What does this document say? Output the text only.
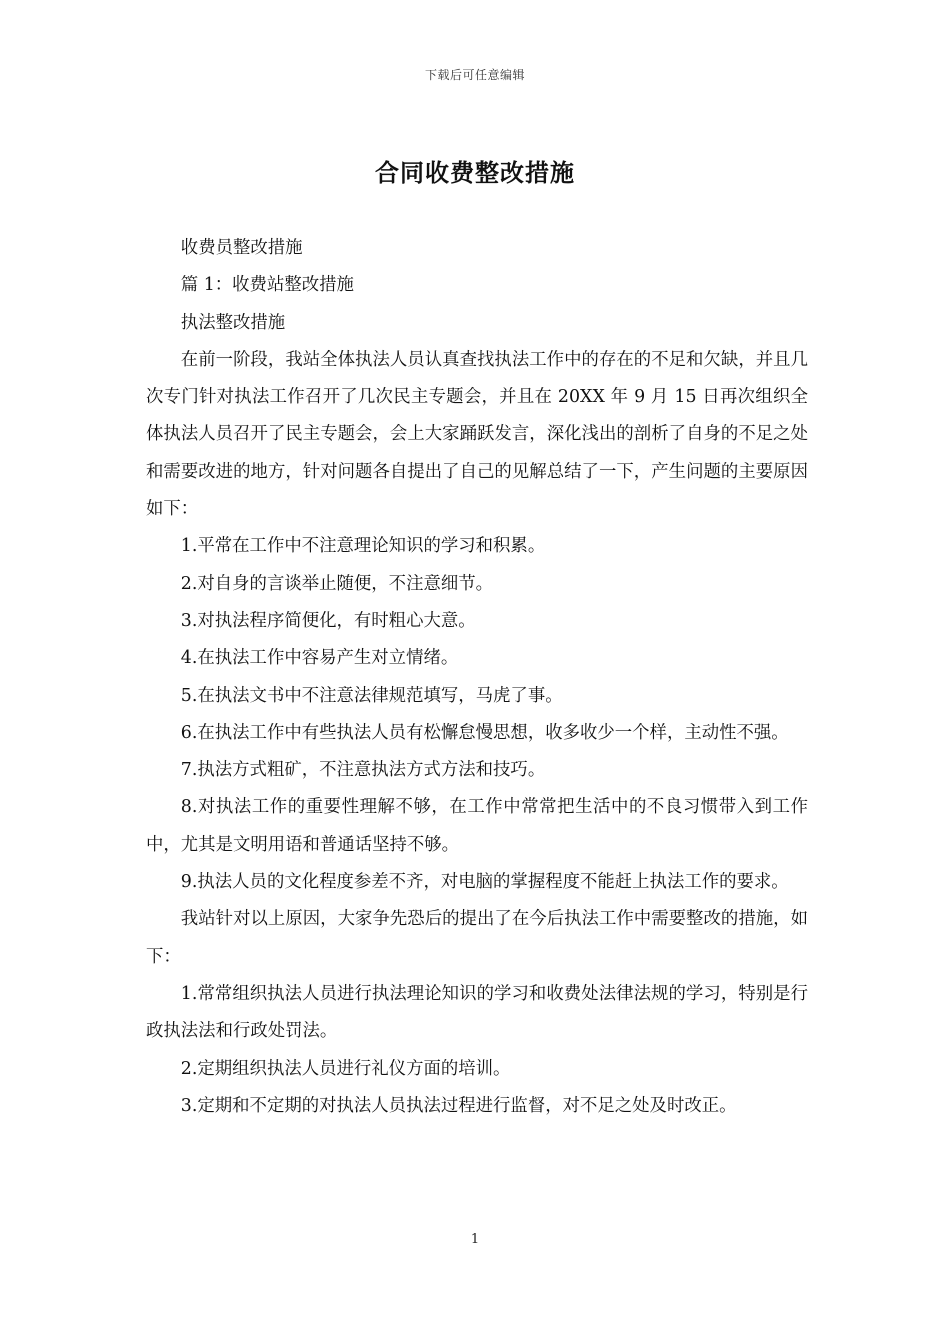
下载后可任意编辑
合同收费整改措施

收费员整改措施

篇 1：收费站整改措施

执法整改措施

在前一阶段，我站全体执法人员认真查找执法工作中的存在的不足和欠缺，并且几次专门针对执法工作召开了几次民主专题会，并且在 20XX 年 9 月 15 日再次组织全体执法人员召开了民主专题会，会上大家踊跃发言，深化浅出的剖析了自身的不足之处和需要改进的地方，针对问题各自提出了自己的见解总结了一下，产生问题的主要原因如下：

1.平常在工作中不注意理论知识的学习和积累。

2.对自身的言谈举止随便，不注意细节。

3.对执法程序简便化，有时粗心大意。

4.在执法工作中容易产生对立情绪。

5.在执法文书中不注意法律规范填写，马虎了事。

6.在执法工作中有些执法人员有松懈怠慢思想，收多收少一个样，主动性不强。

7.执法方式粗矿，不注意执法方式方法和技巧。

8.对执法工作的重要性理解不够，在工作中常常把生活中的不良习惯带入到工作中，尤其是文明用语和普通话坚持不够。

9.执法人员的文化程度参差不齐，对电脑的掌握程度不能赶上执法工作的要求。

我站针对以上原因，大家争先恐后的提出了在今后执法工作中需要整改的措施，如下：

1.常常组织执法人员进行执法理论知识的学习和收费处法律法规的学习，特别是行政执法法和行政处罚法。

2.定期组织执法人员进行礼仪方面的培训。

3.定期和不定期的对执法人员执法过程进行监督，对不足之处及时改正。

1
